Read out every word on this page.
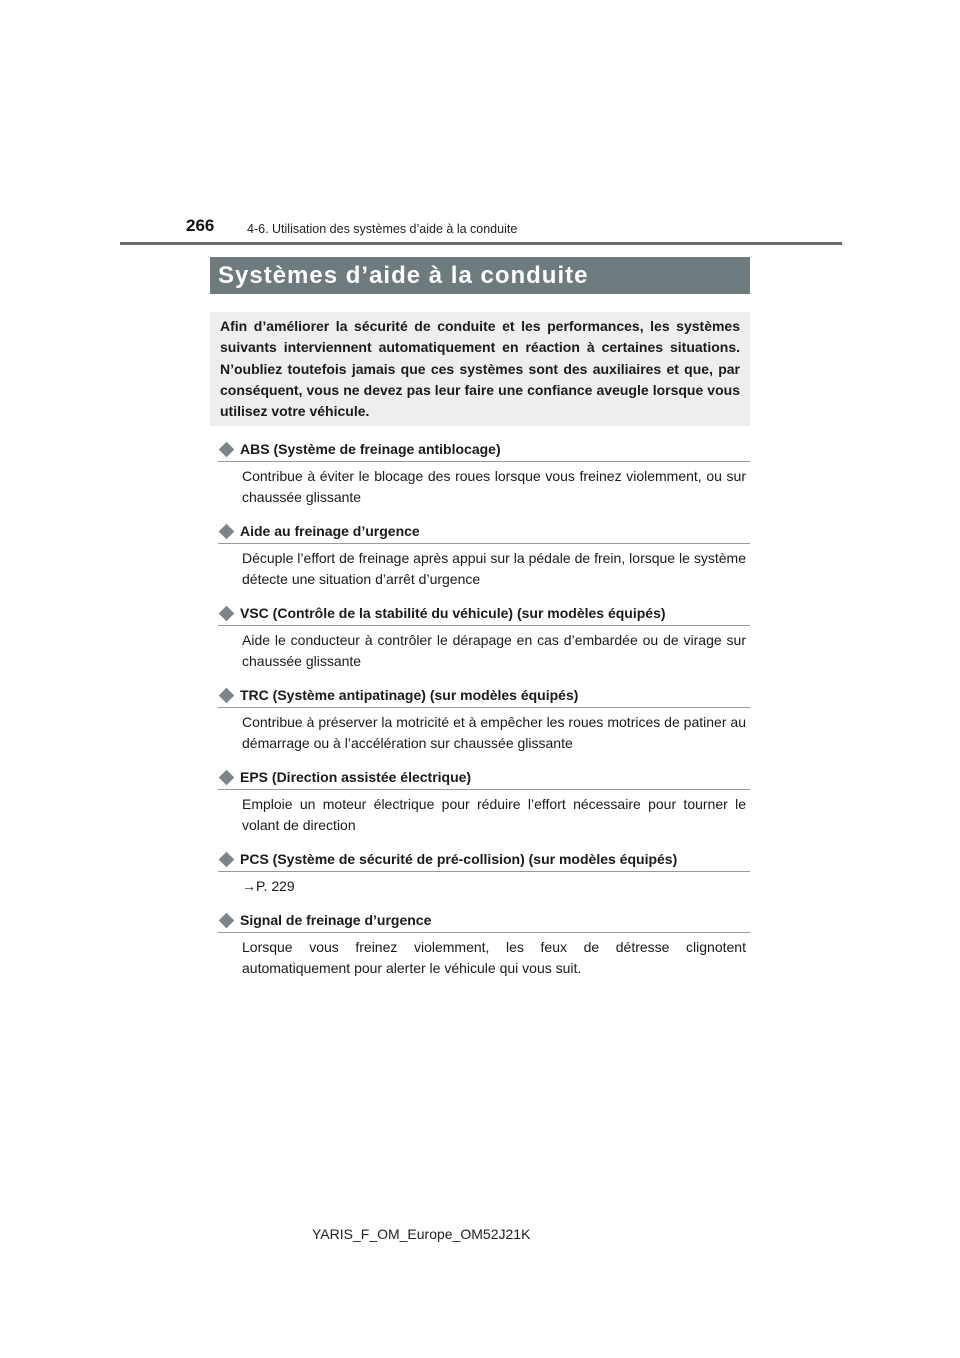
266	4-6. Utilisation des systèmes d’aide à la conduite
Systèmes d’aide à la conduite

Afin d’améliorer la sécurité de conduite et les performances, les systèmes suivants interviennent automatiquement en réaction à certaines situations. N’oubliez toutefois jamais que ces systèmes sont des auxiliaires et que, par conséquent, vous ne devez pas leur faire une confiance aveugle lorsque vous utilisez votre véhicule.

ABS (Système de freinage antiblocage)
Contribue à éviter le blocage des roues lorsque vous freinez violemment, ou sur chaussée glissante
Aide au freinage d’urgence
Décuple l’effort de freinage après appui sur la pédale de frein, lorsque le système détecte une situation d’arrêt d’urgence
VSC (Contrôle de la stabilité du véhicule) (sur modèles équipés)
Aide le conducteur à contrôler le dérapage en cas d’embardée ou de virage sur chaussée glissante
TRC (Système antipatinage) (sur modèles équipés)
Contribue à préserver la motricité et à empêcher les roues motrices de patiner au démarrage ou à l’accélération sur chaussée glissante
EPS (Direction assistée électrique)
Emploie un moteur électrique pour réduire l’effort nécessaire pour tourner le volant de direction
PCS (Système de sécurité de pré-collision) (sur modèles équipés)
→P. 229
Signal de freinage d’urgence
Lorsque vous freinez violemment, les feux de détresse clignotent automatiquement pour alerter le véhicule qui vous suit.
YARIS_F_OM_Europe_OM52J21K
